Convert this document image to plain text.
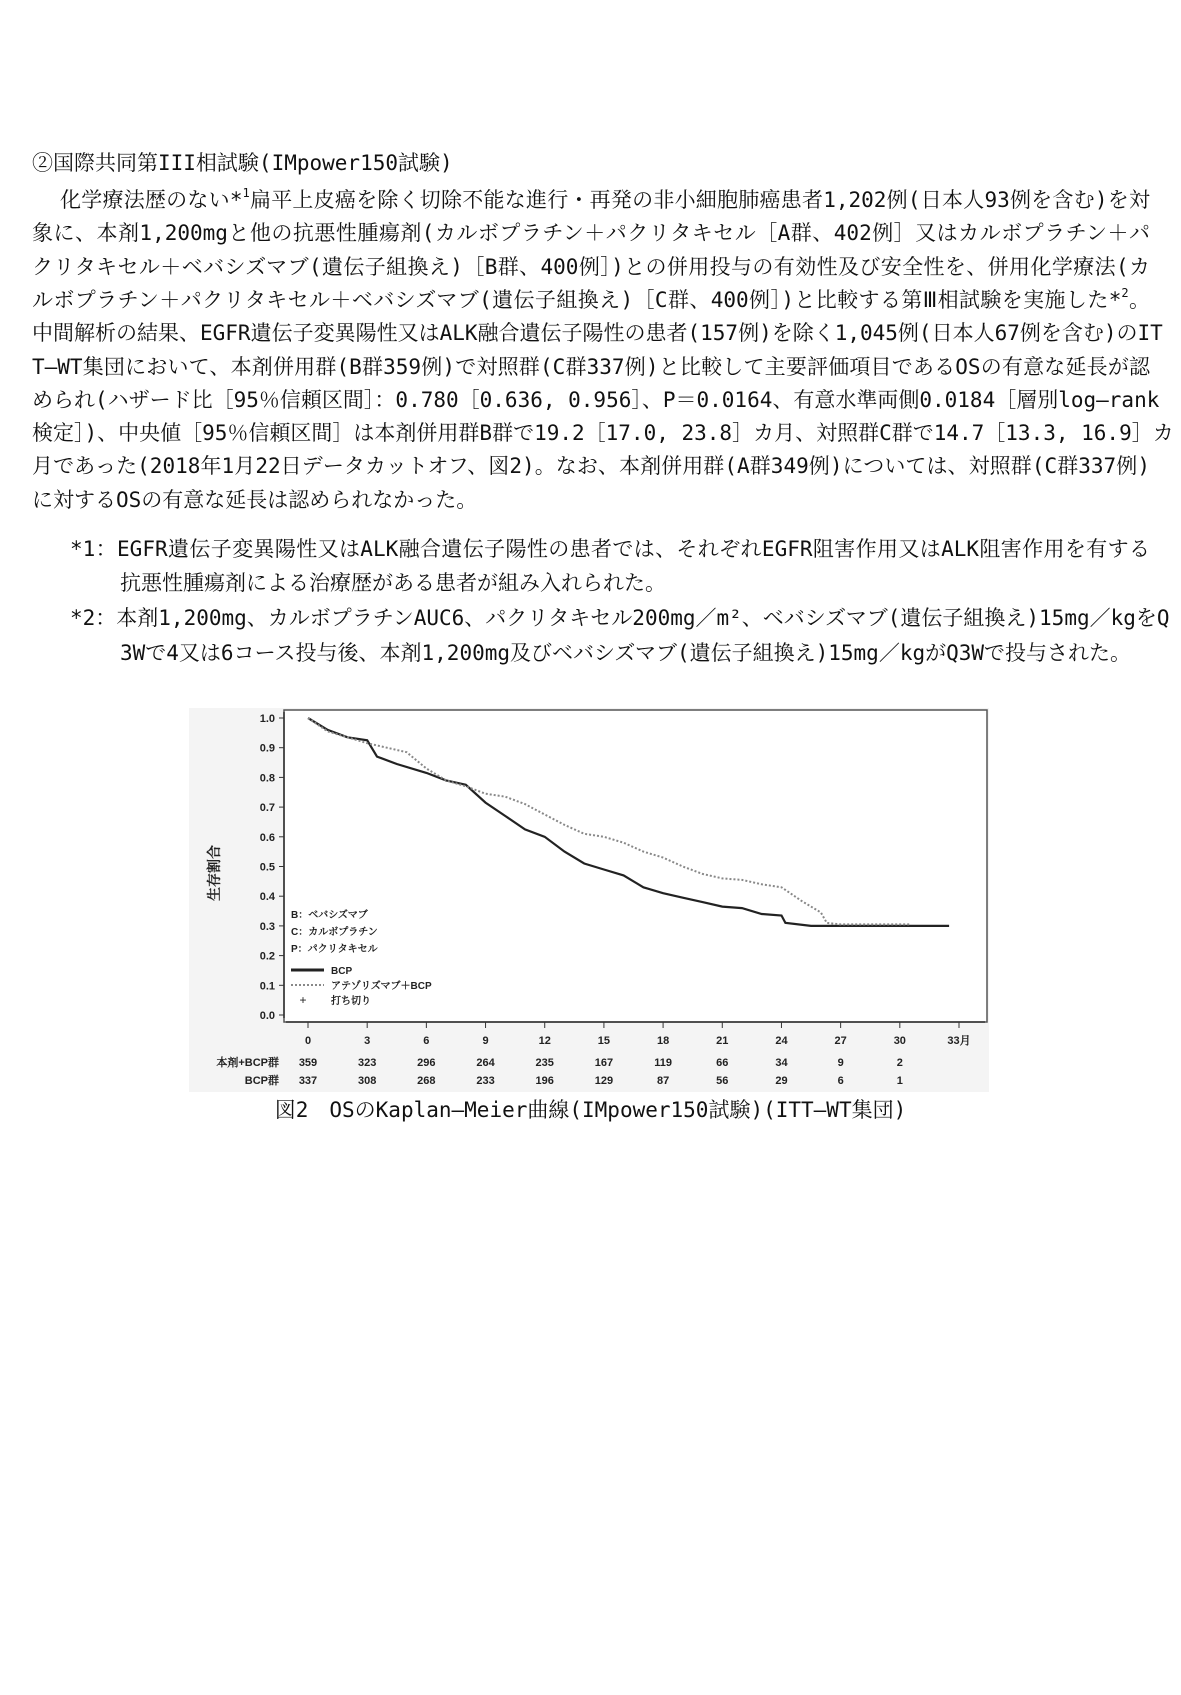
②国際共同第III相試験(IMpower150試験)
化学療法歴のない*$^1$扁平上皮癌を除く切除不能な進行・再発の非小細胞肺癌患者1,202例(日本人93例を含む)を対
象に、本剤1,200mgと他の抗悪性腫瘍剤(カルボプラチン＋パクリタキセル［A群、402例］又はカルボプラチン＋パ
クリタキセル＋ベバシズマブ(遺伝子組換え)［B群、400例］)との併用投与の有効性及び安全性を、併用化学療法(カ
ルボプラチン＋パクリタキセル＋ベバシズマブ(遺伝子組換え)［C群、400例］)と比較する第Ⅲ相試験を実施した*$^2$。
中間解析の結果、EGFR遺伝子変異陽性又はALK融合遺伝子陽性の患者(157例)を除く1,045例(日本人67例を含む)のIT
T―WT集団において、本剤併用群(B群359例)で対照群(C群337例)と比較して主要評価項目であるOSの有意な延長が認
められ(ハザード比［95％信頼区間］：0.780［0.636, 0.956］、P＝0.0164、有意水準両側0.0184［層別log―rank
検定］)、中央値［95％信頼区間］は本剤併用群B群で19.2［17.0, 23.8］カ月、対照群C群で14.7［13.3, 16.9］カ
月であった(2018年1月22日データカットオフ、図2)。なお、本剤併用群(A群349例)については、対照群(C群337例)
に対するOSの有意な延長は認められなかった。
*1：EGFR遺伝子変異陽性又はALK融合遺伝子陽性の患者では、それぞれEGFR阻害作用又はALK阻害作用を有する
抗悪性腫瘍剤による治療歴がある患者が組み入れられた。
*2：本剤1,200mg、カルボプラチンAUC6、パクリタキセル200mg／m²、ベバシズマブ(遺伝子組換え)15mg／kgをQ
3Wで4又は6コース投与後、本剤1,200mg及びベバシズマブ(遺伝子組換え)15mg／kgがQ3Wで投与された。
0.0
0.1
0.2
0.3
0.4
0.5
0.6
0.7
0.8
0.9
1.0
0	3	6	9	12	15	18	21	24	27	30	33月
生存割合
B：ベバシズマブ
C：カルボプラチン
P：パクリタキセル
+
BCP
アテゾリズマブ＋BCP
打ち切り
本剤+BCP群 359	323	296	264	235	167	119	66	34	9	2
BCP群 337	308	268	233	196	129	87	56	29	6	1
図2　OSのKaplan―Meier曲線(IMpower150試験)(ITT―WT集団)
